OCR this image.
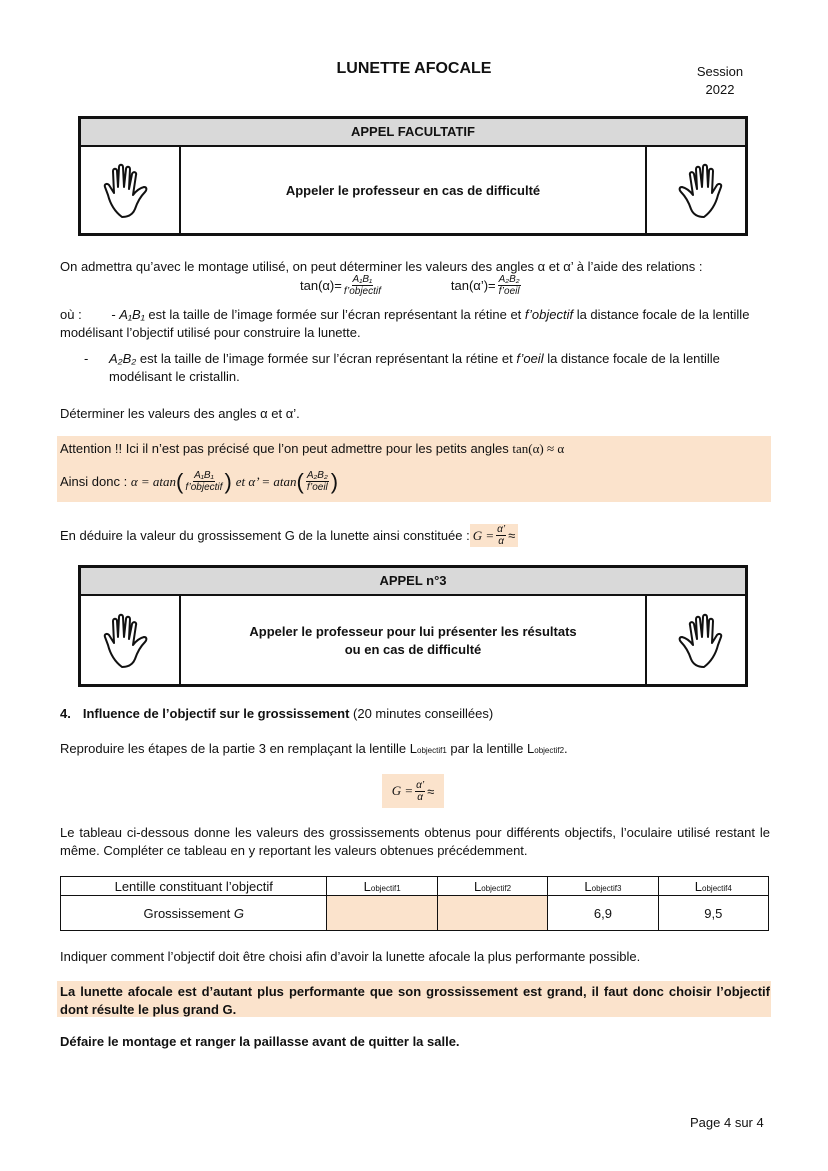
LUNETTE AFOCALE	Session
2022
APPEL FACULTATIF
Appeler le professeur en cas de difficulté
On admettra qu’avec le montage utilisé, on peut déterminer les valeurs des angles α et α’ à l’aide des relations :
$\tan(\alpha)= \frac{\text{A₁B₁}}{\text{f’objectif}}$	tan(α’)= $\frac{\text{A₂B₂}}{\text{f’oeil}}$
où : - A₁B₁ est la taille de l’image formée sur l’écran représentant la rétine et f’objectif la distance focale de la lentille modélisant l’objectif utilisé pour construire la lunette.
- A₂B₂ est la taille de l’image formée sur l’écran représentant la rétine et f’oeil la distance focale de la lentille modélisant le cristallin.
Déterminer les valeurs des angles α et α’.
Attention !! Ici il n’est pas précisé que l’on peut admettre pour les petits angles tan(α) ≈ α
Ainsi donc :
α = atan ( $\frac{\text{A₁B₁}}{\text{f’objectif}}$ ) et α’ = atan ( $\frac{\text{A₂B₂}}{\text{f’oeil}}$ )
En déduire la valeur du grossissement G de la lunette ainsi constituée : $G = \frac{\alpha’}{\alpha}$ ≈
APPEL n°3
Appeler le professeur pour lui présenter les résultats
ou en cas de difficulté
4. Influence de l’objectif sur le grossissement (20 minutes conseillées)
Reproduire les étapes de la partie 3 en remplaçant la lentille Lobjectif1 par la lentille Lobjectif2.
$G = \frac{\alpha’}{\alpha}$ ≈
Le tableau ci-dessous donne les valeurs des grossissements obtenus pour différents objectifs, l’oculaire utilisé restant le même. Compléter ce tableau en y reportant les valeurs obtenues précédemment.
Lentille constituant l’objectif	Lobjectif1	Lobjectif2	Lobjectif3	Lobjectif4
Grossissement G			6,9	9,5
Indiquer comment l’objectif doit être choisi afin d’avoir la lunette afocale la plus performante possible.
La lunette afocale est d’autant plus performante que son grossissement est grand, il faut donc choisir l’objectif dont résulte le plus grand G.
Défaire le montage et ranger la paillasse avant de quitter la salle.
Page 4 sur 4
